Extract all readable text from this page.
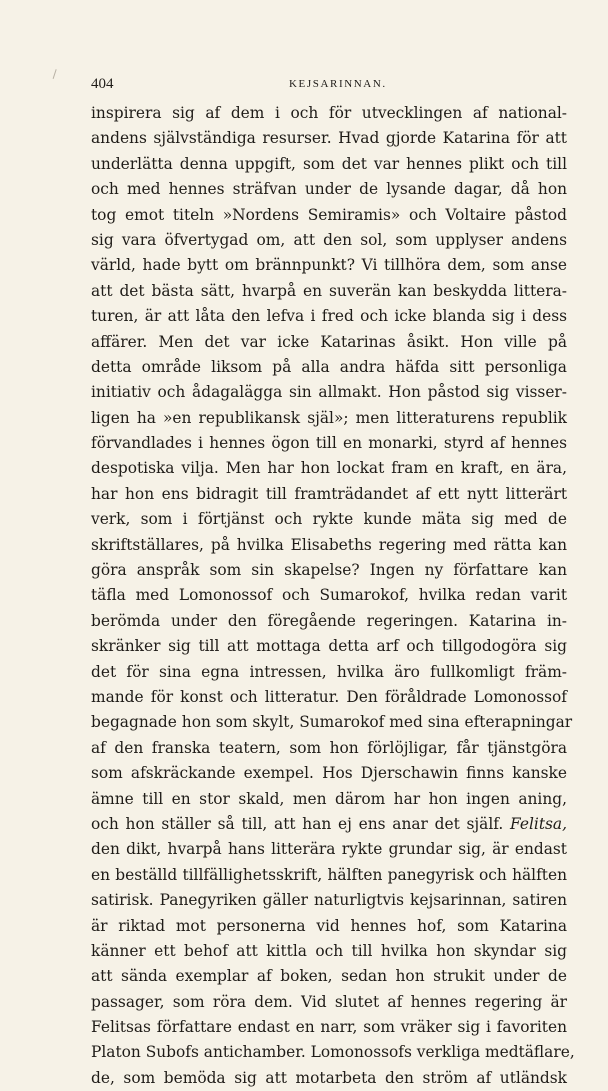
404	KEJSARINNAN.
inspirera sig af dem i och för utvecklingen af national-
andens självständiga resurser. Hvad gjorde Katarina för att
underlätta denna uppgift, som det var hennes plikt och till
och med hennes sträfvan under de lysande dagar, då hon
tog emot titeln »Nordens Semiramis» och Voltaire påstod
sig vara öfvertygad om, att den sol, som upplyser andens
värld, hade bytt om brännpunkt? Vi tillhöra dem, som anse
att det bästa sätt, hvarpå en suverän kan beskydda littera-
turen, är att låta den lefva i fred och icke blanda sig i dess
affärer. Men det var icke Katarinas åsikt. Hon ville på
detta område liksom på alla andra häfda sitt personliga
initiativ och ådagalägga sin allmakt. Hon påstod sig visser-
ligen ha »en republikansk själ»; men litteraturens republik
förvandlades i hennes ögon till en monarki, styrd af hennes
despotiska vilja. Men har hon lockat fram en kraft, en ära,
har hon ens bidragit till framträdandet af ett nytt litterärt
verk, som i förtjänst och rykte kunde mäta sig med de
skriftställares, på hvilka Elisabeths regering med rätta kan
göra anspråk som sin skapelse? Ingen ny författare kan
täfla med Lomonossof och Sumarokof, hvilka redan varit
berömda under den föregående regeringen. Katarina in-
skränker sig till att mottaga detta arf och tillgodogöra sig
det för sina egna intressen, hvilka äro fullkomligt främ-
mande för konst och litteratur. Den föråldrade Lomonossof
begagnade hon som skylt, Sumarokof med sina efterapningar
af den franska teatern, som hon förlöjligar, får tjänstgöra
som afskräckande exempel. Hos Djerschawin finns kanske
ämne till en stor skald, men därom har hon ingen aning,
och hon ställer så till, att han ej ens anar det själf. Felitsa,
den dikt, hvarpå hans litterära rykte grundar sig, är endast
en beställd tillfällighetsskrift, hälften panegyrisk och hälften
satirisk. Panegyriken gäller naturligtvis kejsarinnan, satiren
är riktad mot personerna vid hennes hof, som Katarina
känner ett behof att kittla och till hvilka hon skyndar sig
att sända exemplar af boken, sedan hon strukit under de
passager, som röra dem. Vid slutet af hennes regering är
Felitsas författare endast en narr, som vräker sig i favoriten
Platon Subofs antichamber. Lomonossofs verkliga medtäflare,
de, som bemöda sig att motarbeta den ström af utländsk
